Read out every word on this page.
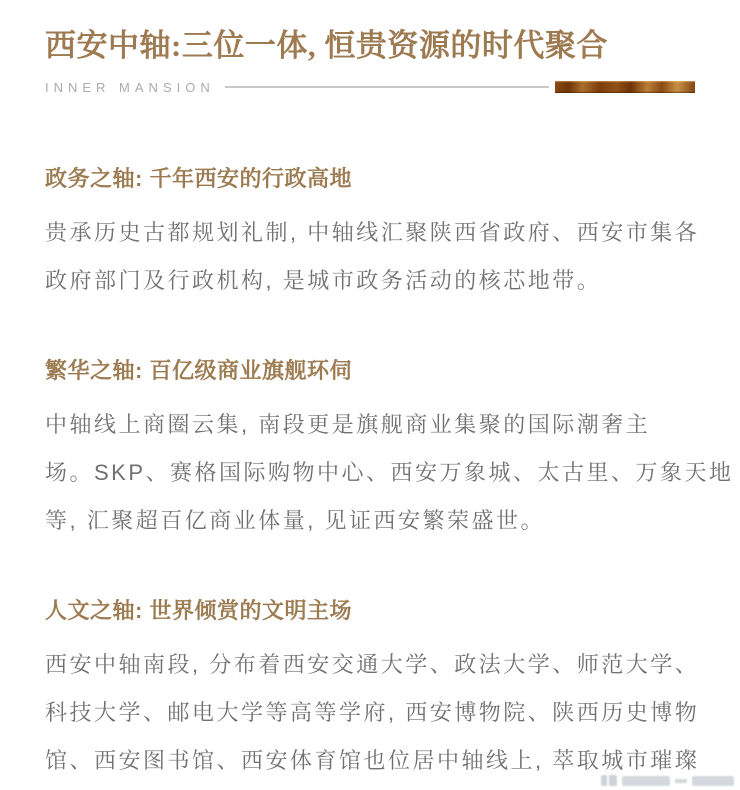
西安中轴:三位一体, 恒贵资源的时代聚合
INNER MANSION
政务之轴: 千年西安的行政高地
贵承历史古都规划礼制, 中轴线汇聚陕西省政府、西安市集各
政府部门及行政机构, 是城市政务活动的核芯地带。
繁华之轴: 百亿级商业旗舰环伺
中轴线上商圈云集, 南段更是旗舰商业集聚的国际潮奢主
场。SKP、赛格国际购物中心、西安万象城、太古里、万象天地
等, 汇聚超百亿商业体量, 见证西安繁荣盛世。
人文之轴: 世界倾赏的文明主场
西安中轴南段, 分布着西安交通大学、政法大学、师范大学、
科技大学、邮电大学等高等学府, 西安博物院、陕西历史博物
馆、西安图书馆、西安体育馆也位居中轴线上, 萃取城市璀璨
